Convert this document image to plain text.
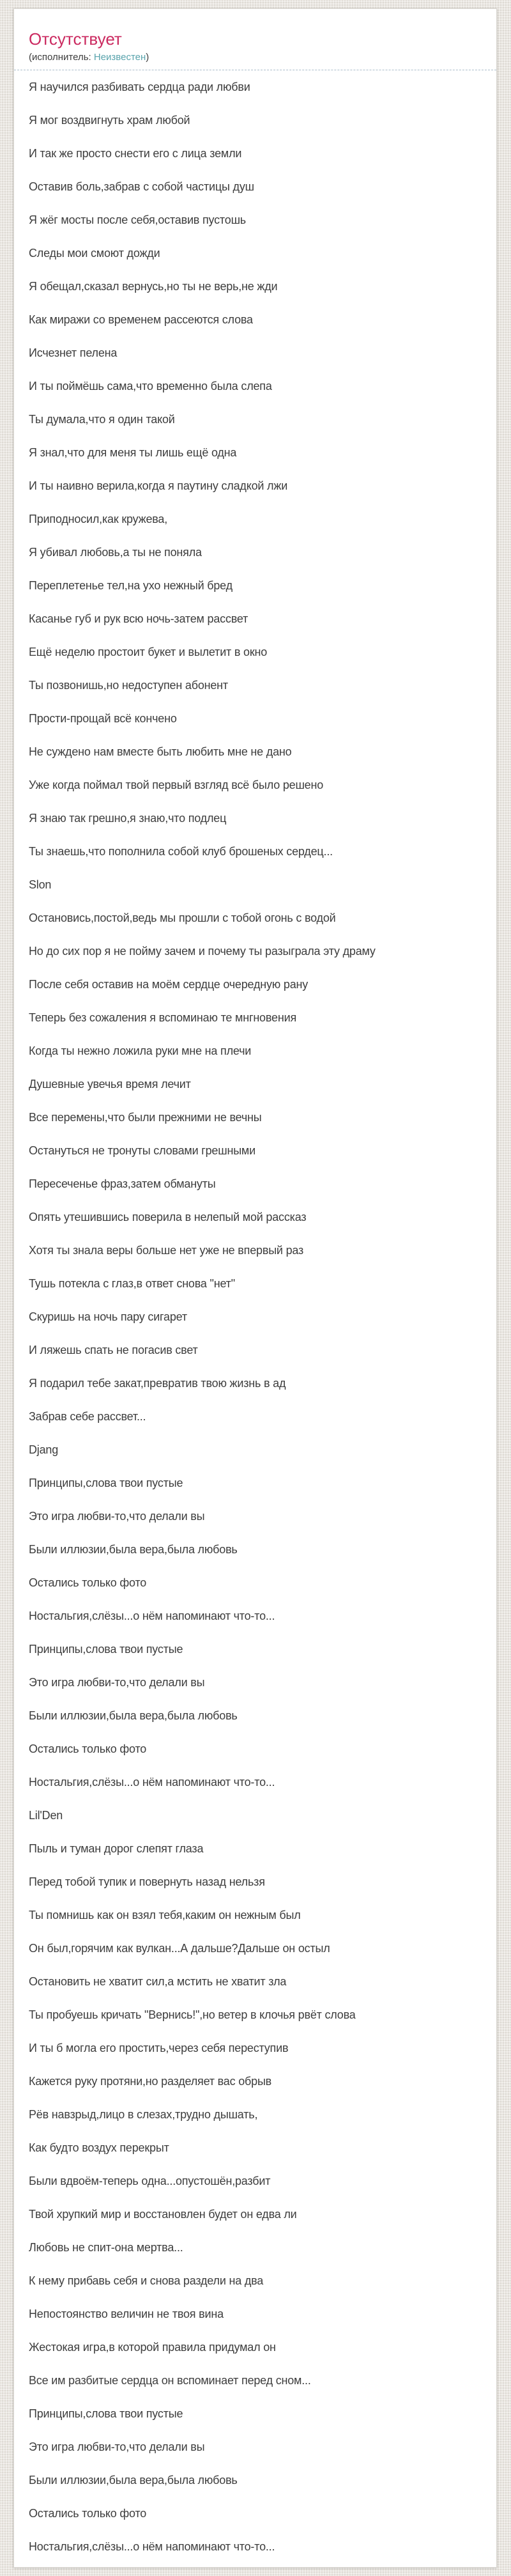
Отсутствует

(исполнитель: Неизвестен)

Я научился разбивать сердца ради любви
Я мог воздвигнуть храм любой
И так же просто снести его с лица земли
Оставив боль,забрав с собой частицы душ
Я жёг мосты после себя,оставив пустошь
Следы мои смоют дожди
Я обещал,сказал вернусь,но ты не верь,не жди
Как миражи со временем рассеются слова
Исчезнет пелена
И ты поймёшь сама,что временно была слепа
Ты думала,что я один такой
Я знал,что для меня ты лишь ещё одна
И ты наивно верила,когда я паутину сладкой лжи
Приподносил,как кружева,
Я убивал любовь,а ты не поняла
Переплетенье тел,на ухо нежный бред
Касанье губ и рук всю ночь-затем рассвет
Ещё неделю простоит букет и вылетит в окно
Ты позвонишь,но недоступен абонент
Прости-прощай всё кончено
Не суждено нам вместе быть любить мне не дано
Уже когда поймал твой первый взгляд всё было решено
Я знаю так грешно,я знаю,что подлец
Ты знаешь,что пополнила собой клуб брошеных сердец...
Slon
Остановись,постой,ведь мы прошли с тобой огонь с водой
Но до сих пор я не пойму зачем и почему ты разыграла эту драму
После себя оставив на моём сердце очередную рану
Теперь без сожаления я вспоминаю те мнгновения
Когда ты нежно ложила руки мне на плечи
Душевные увечья время лечит
Все перемены,что были прежними не вечны
Остануться не тронуты словами грешными
Пересеченье фраз,затем обмануты
Опять утешившись поверила в нелепый мой рассказ
Хотя ты знала веры больше нет уже не впервый раз
Тушь потекла с глаз,в ответ снова "нет"
Скуришь на ночь пару сигарет
И ляжешь спать не погасив свет
Я подарил тебе закат,превратив твою жизнь в ад
Забрав себе рассвет...
Djang
Принципы,слова твои пустые
Это игра любви-то,что делали вы
Были иллюзии,была вера,была любовь
Остались только фото
Ностальгия,слёзы...о нём напоминают что-то...
Принципы,слова твои пустые
Это игра любви-то,что делали вы
Были иллюзии,была вера,была любовь
Остались только фото
Ностальгия,слёзы...о нём напоминают что-то...
Lil'Den
Пыль и туман дорог слепят глаза
Перед тобой тупик и повернуть назад нельзя
Ты помнишь как он взял тебя,каким он нежным был
Он был,горячим как вулкан...А дальше?Дальше он остыл
Остановить не хватит сил,а мстить не хватит зла
Ты пробуешь кричать "Вернись!",но ветер в клочья рвёт слова
И ты б могла его простить,через себя переступив
Кажется руку протяни,но разделяет вас обрыв
Рёв навзрыд,лицо в слезах,трудно дышать,
Как будто воздух перекрыт
Были вдвоём-теперь одна...опустошён,разбит
Твой хрупкий мир и восстановлен будет он едва ли
Любовь не спит-она мертва...
К нему прибавь себя и снова раздели на два
Непостоянство величин не твоя вина
Жестокая игра,в которой правила придумал он
Все им разбитые сердца он вспоминает перед сном...
Принципы,слова твои пустые
Это игра любви-то,что делали вы
Были иллюзии,была вера,была любовь
Остались только фото
Ностальгия,слёзы...о нём напоминают что-то...
